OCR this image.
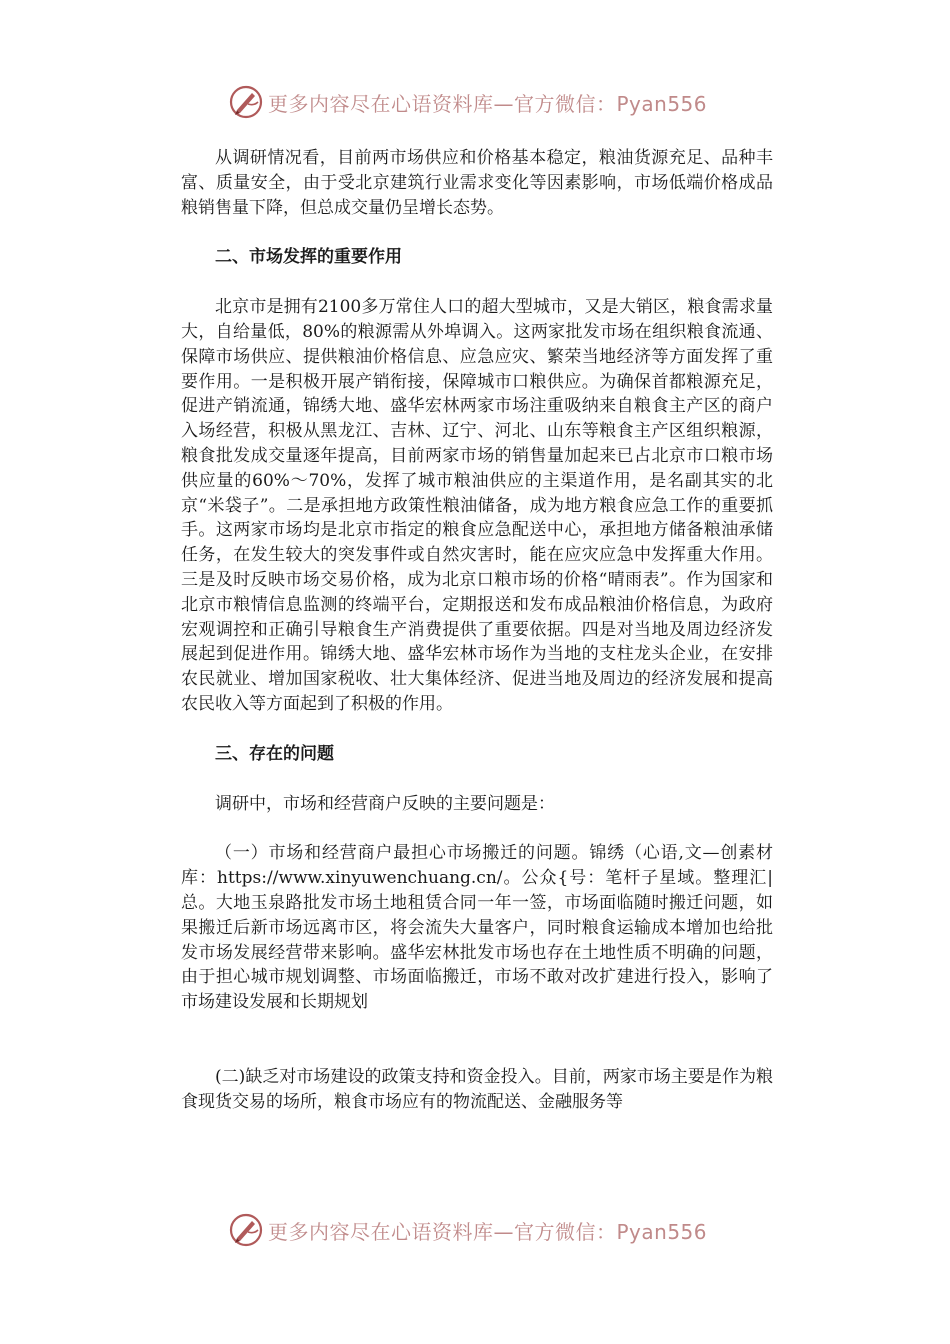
更多内容尽在心语资料库—官方微信：Pyan556

从调研情况看，目前两市场供应和价格基本稳定，粮油货源充足、品种丰富、质量安全，由于受北京建筑行业需求变化等因素影响，市场低端价格成品粮销售量下降，但总成交量仍呈增长态势。

二、市场发挥的重要作用

北京市是拥有2100多万常住人口的超大型城市，又是大销区，粮食需求量大，自给量低，80%的粮源需从外埠调入。这两家批发市场在组织粮食流通、保障市场供应、提供粮油价格信息、应急应灾、繁荣当地经济等方面发挥了重要作用。一是积极开展产销衔接，保障城市口粮供应。为确保首都粮源充足，促进产销流通，锦绣大地、盛华宏林两家市场注重吸纳来自粮食主产区的商户入场经营，积极从黑龙江、吉林、辽宁、河北、山东等粮食主产区组织粮源，粮食批发成交量逐年提高，目前两家市场的销售量加起来已占北京市口粮市场供应量的60%～70%，发挥了城市粮油供应的主渠道作用，是名副其实的北京“米袋子”。二是承担地方政策性粮油储备，成为地方粮食应急工作的重要抓手。这两家市场均是北京市指定的粮食应急配送中心，承担地方储备粮油承储任务，在发生较大的突发事件或自然灾害时，能在应灾应急中发挥重大作用。三是及时反映市场交易价格，成为北京口粮市场的价格“晴雨表”。作为国家和北京市粮情信息监测的终端平台，定期报送和发布成品粮油价格信息，为政府宏观调控和正确引导粮食生产消费提供了重要依据。四是对当地及周边经济发展起到促进作用。锦绣大地、盛华宏林市场作为当地的支柱龙头企业，在安排农民就业、增加国家税收、壮大集体经济、促进当地及周边的经济发展和提高农民收入等方面起到了积极的作用。

三、存在的问题

调研中，市场和经营商户反映的主要问题是：

（一）市场和经营商户最担心市场搬迁的问题。锦绣（心语,文—创素材库：https://www.xinyuwenchuang.cn/。公众{号：笔杆子星域。整理汇|总。大地玉泉路批发市场土地租赁合同一年一签，市场面临随时搬迁问题，如果搬迁后新市场远离市区，将会流失大量客户，同时粮食运输成本增加也给批发市场发展经营带来影响。盛华宏林批发市场也存在土地性质不明确的问题，由于担心城市规划调整、市场面临搬迁，市场不敢对改扩建进行投入，影响了市场建设发展和长期规划

(二)缺乏对市场建设的政策支持和资金投入。目前，两家市场主要是作为粮食现货交易的场所，粮食市场应有的物流配送、金融服务等

更多内容尽在心语资料库—官方微信：Pyan556
